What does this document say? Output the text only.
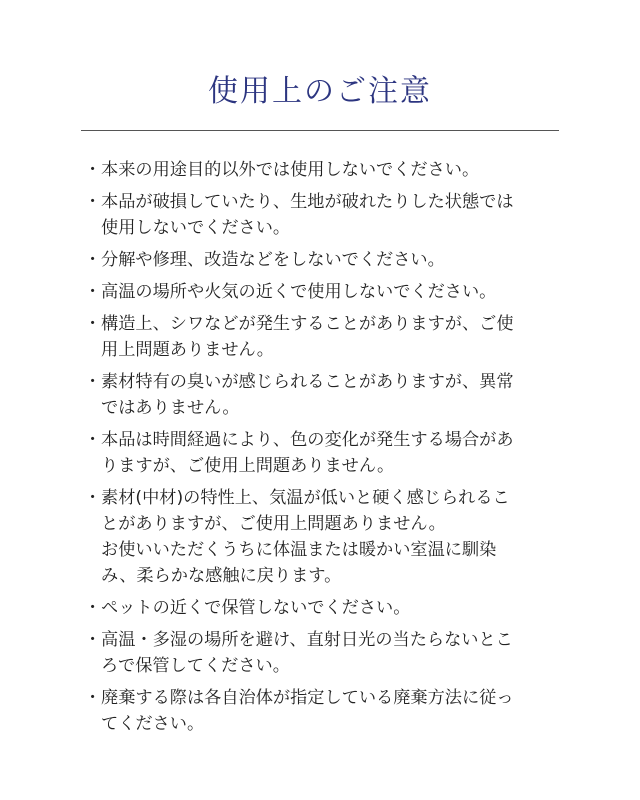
使用上のご注意
・ 本来の用途目的以外では使用しないでください。
・ 本品が破損していたり、生地が破れたりした状態では
使用しないでください。
・ 分解や修理、改造などをしないでください。
・ 高温の場所や火気の近くで使用しないでください。
・ 構造上、シワなどが発生することがありますが、ご使
用上問題ありません。
・ 素材特有の臭いが感じられることがありますが、異常
ではありません。
・ 本品は時間経過により、色の変化が発生する場合があ
りますが、ご使用上問題ありません。
・ 素材(中材)の特性上、気温が低いと硬く感じられるこ
とがありますが、ご使用上問題ありません。
お使いいただくうちに体温または暖かい室温に馴染
み、柔らかな感触に戻ります。
・ ペットの近くで保管しないでください。
・ 高温・多湿の場所を避け、直射日光の当たらないとこ
ろで保管してください。
・ 廃棄する際は各自治体が指定している廃棄方法に従っ
てください。
